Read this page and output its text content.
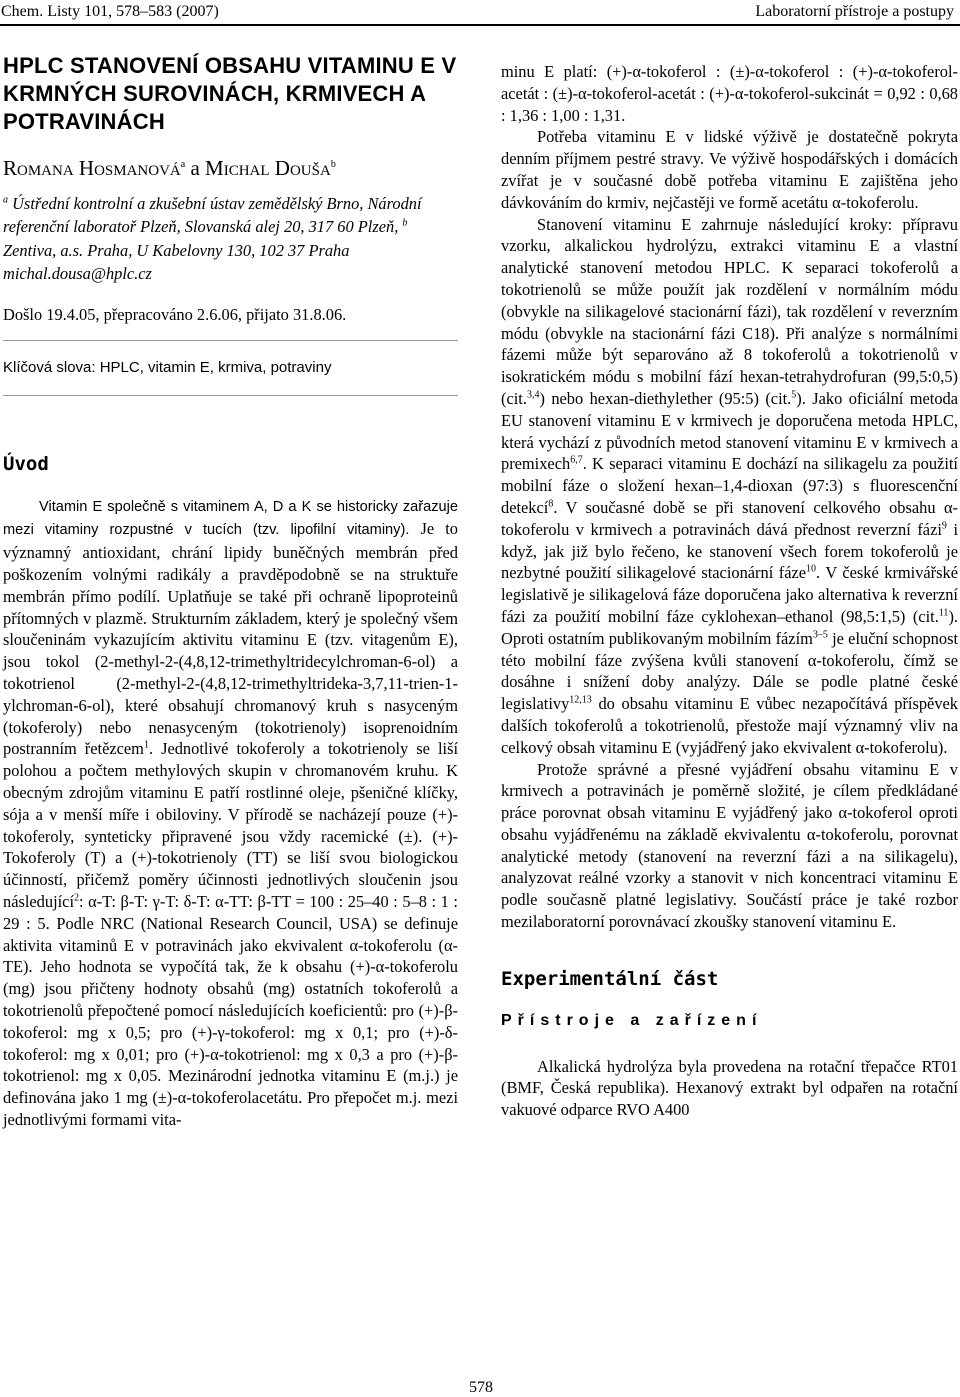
Chem. Listy 101, 578–583 (2007)	Laboratorní přístroje a postupy
HPLC STANOVENÍ OBSAHU VITAMINU E V KRMNÝCH SUROVINÁCH, KRMIVECH A POTRAVINÁCH
Romana Hosmanová$^a$ a Michal Douša$^b$
$^a$ Ústřední kontrolní a zkušební ústav zemědělský Brno, Národní referenční laboratoř Plzeň, Slovanská alej 20, 317 60 Plzeň, $^b$ Zentiva, a.s. Praha, U Kabelovny 130, 102 37 Praha
michal.dousa@hplc.cz
Došlo 19.4.05, přepracováno 2.6.06, přijato 31.8.06.
Klíčová slova: HPLC, vitamin E, krmiva, potraviny
Úvod

Vitamin E společně s vitaminem A, D a K se historicky zařazuje mezi vitaminy rozpustné v tucích (tzv. lipofilní vitaminy). Je to významný antioxidant, chrání lipidy buněčných membrán před poškozením volnými radikály a pravděpodobně se na struktuře membrán přímo podílí. Uplatňuje se také při ochraně lipoproteinů přítomných v plazmě. Strukturním základem, který je společný všem sloučeninám vykazujícím aktivitu vitaminu E (tzv. vitagenům E), jsou tokol (2-methyl-2-(4,8,12-trimethyltridecylchroman-6-ol) a tokotrienol (2-methyl-2-(4,8,12-trimethyltrideka-3,7,11-trien-1-ylchroman-6-ol), které obsahují chromanový kruh s nasyceným (tokoferoly) nebo nenasyceným (tokotrienoly) isoprenoidním postranním řetězcem$^1$. Jednotlivé tokoferoly a tokotrienoly se liší polohou a počtem methylových skupin v chromanovém kruhu. K obecným zdrojům vitaminu E patří rostlinné oleje, pšeničné klíčky, sója a v menší míře i obiloviny. V přírodě se nacházejí pouze (+)-tokoferoly, synteticky připravené jsou vždy racemické (±). (+)-Tokoferoly (T) a (+)-tokotrienoly (TT) se liší svou biologickou účinností, přičemž poměry účinnosti jednotlivých sloučenin jsou následující$^2$: α-T: β-T: γ-T: δ-T: α-TT: β-TT = 100 : 25–40 : 5–8 : 1 : 29 : 5. Podle NRC (National Research Council, USA) se definuje aktivita vitaminů E v potravinách jako ekvivalent α-tokoferolu (α-TE). Jeho hodnota se vypočítá tak, že k obsahu (+)-α-tokoferolu (mg) jsou přičteny hodnoty obsahů (mg) ostatních tokoferolů a tokotrienolů přepočtené pomocí následujících koeficientů: pro (+)-β-tokoferol: mg x 0,5; pro (+)-γ-tokoferol: mg x 0,1; pro (+)-δ-tokoferol: mg x 0,01; pro (+)-α-tokotrienol: mg x 0,3 a pro (+)-β-tokotrienol: mg x 0,05. Mezinárodní jednotka vitaminu E (m.j.) je definována jako 1 mg (±)-α-tokoferolacetátu. Pro přepočet m.j. mezi jednotlivými formami vita-

minu E platí: (+)-α-tokoferol : (±)-α-tokoferol : (+)-α-tokoferol-acetát : (±)-α-tokoferol-acetát : (+)-α-tokoferol-sukcinát = 0,92 : 0,68 : 1,36 : 1,00 : 1,31.

Potřeba vitaminu E v lidské výživě je dostatečně pokryta denním příjmem pestré stravy. Ve výživě hospodářských i domácích zvířat je v současné době potřeba vitaminu E zajištěna jeho dávkováním do krmiv, nejčastěji ve formě acetátu α-tokoferolu.

Stanovení vitaminu E zahrnuje následující kroky: přípravu vzorku, alkalickou hydrolýzu, extrakci vitaminu E a vlastní analytické stanovení metodou HPLC. K separaci tokoferolů a tokotrienolů se může použít jak rozdělení v normálním módu (obvykle na silikagelové stacionární fázi), tak rozdělení v reverzním módu (obvykle na stacionární fázi C18). Při analýze s normálními fázemi může být separováno až 8 tokoferolů a tokotrienolů v isokratickém módu s mobilní fází hexan-tetrahydrofuran (99,5:0,5) (cit.$^{3,4}$) nebo hexan-diethylether (95:5) (cit.$^5$). Jako oficiální metoda EU stanovení vitaminu E v krmivech je doporučena metoda HPLC, která vychází z původních metod stanovení vitaminu E v krmivech a premixech$^{6,7}$. K separaci vitaminu E dochází na silikagelu za použití mobilní fáze o složení hexan–1,4-dioxan (97:3) s fluorescenční detekcí$^8$. V současné době se při stanovení celkového obsahu α-tokoferolu v krmivech a potravinách dává přednost reverzní fázi$^9$ i když, jak již bylo řečeno, ke stanovení všech forem tokoferolů je nezbytné použití silikagelové stacionární fáze$^{10}$. V české krmivářské legislativě je silikagelová fáze doporučena jako alternativa k reverzní fázi za použití mobilní fáze cyklohexan–ethanol (98,5:1,5) (cit.$^{11}$). Oproti ostatním publikovaným mobilním fázím$^{3-5}$ je eluční schopnost této mobilní fáze zvýšena kvůli stanovení α-tokoferolu, čímž se dosáhne i snížení doby analýzy. Dále se podle platné české legislativy$^{12,13}$ do obsahu vitaminu E vůbec nezapočítává příspěvek dalších tokoferolů a tokotrienolů, přestože mají významný vliv na celkový obsah vitaminu E (vyjádřený jako ekvivalent α-tokoferolu).

Protože správné a přesné vyjádření obsahu vitaminu E v krmivech a potravinách je poměrně složité, je cílem předkládané práce porovnat obsah vitaminu E vyjádřený jako α-tokoferol oproti obsahu vyjádřenému na základě ekvivalentu α-tokoferolu, porovnat analytické metody (stanovení na reverzní fázi a na silikagelu), analyzovat reálné vzorky a stanovit v nich koncentraci vitaminu E podle současně platné legislativy. Součástí práce je také rozbor mezilaboratorní porovnávací zkoušky stanovení vitaminu E.

Experimentální část
Přístroje a zařízení

Alkalická hydrolýza byla provedena na rotační třepačce RT01 (BMF, Česká republika). Hexanový extrakt byl odpařen na rotační vakuové odparce RVO A400

578
